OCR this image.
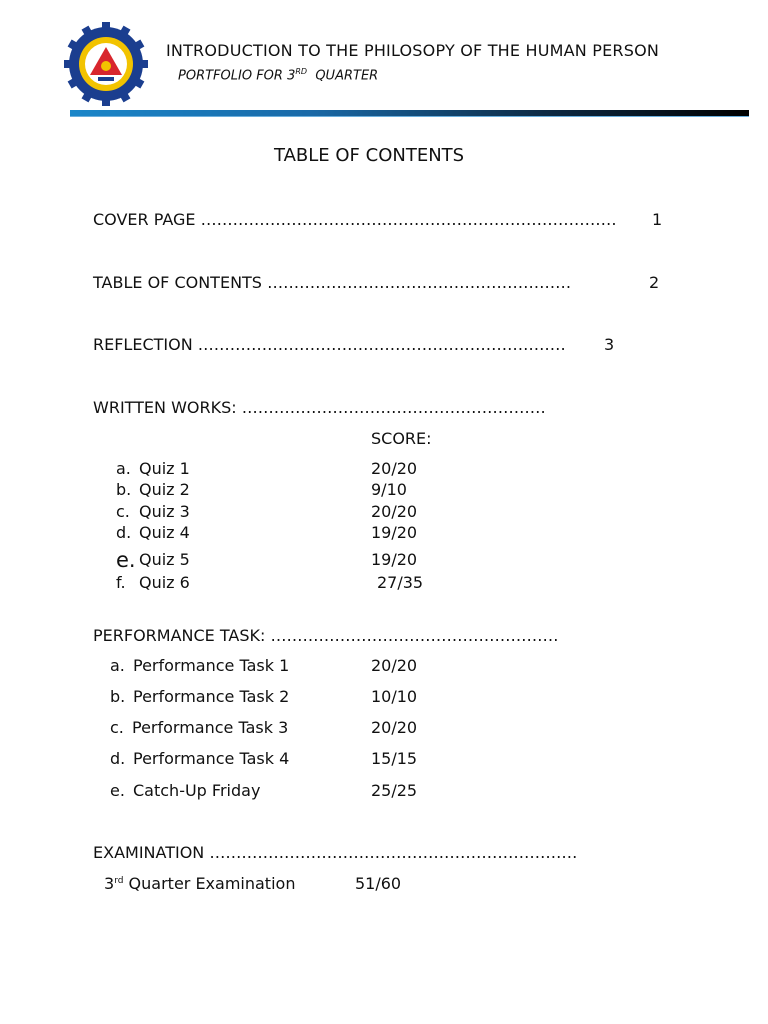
INTRODUCTION TO THE PHILOSOPY OF THE HUMAN PERSON
PORTFOLIO FOR 3RD QUARTER
TABLE OF CONTENTS
COVER PAGE …………………………………………………………………… 1
TABLE OF CONTENTS …………………………………………………	2
REFLECTION …………………………………………………………… 3
WRITTEN WORKS: …………………………………………………
SCORE:
a. Quiz 1	20/20
b. Quiz 2	9/10
c. Quiz 3	20/20
d. Quiz 4	19/20
e. Quiz 5	19/20
f. Quiz 6	27/35
PERFORMANCE TASK: ………………………………………………
a. Performance Task 1	20/20
b. Performance Task 2	10/10
c. Performance Task 3	20/20
d. Performance Task 4	15/15
e. Catch-Up Friday	25/25
EXAMINATION ……………………………………………………………
3rd Quarter Examination	51/60
